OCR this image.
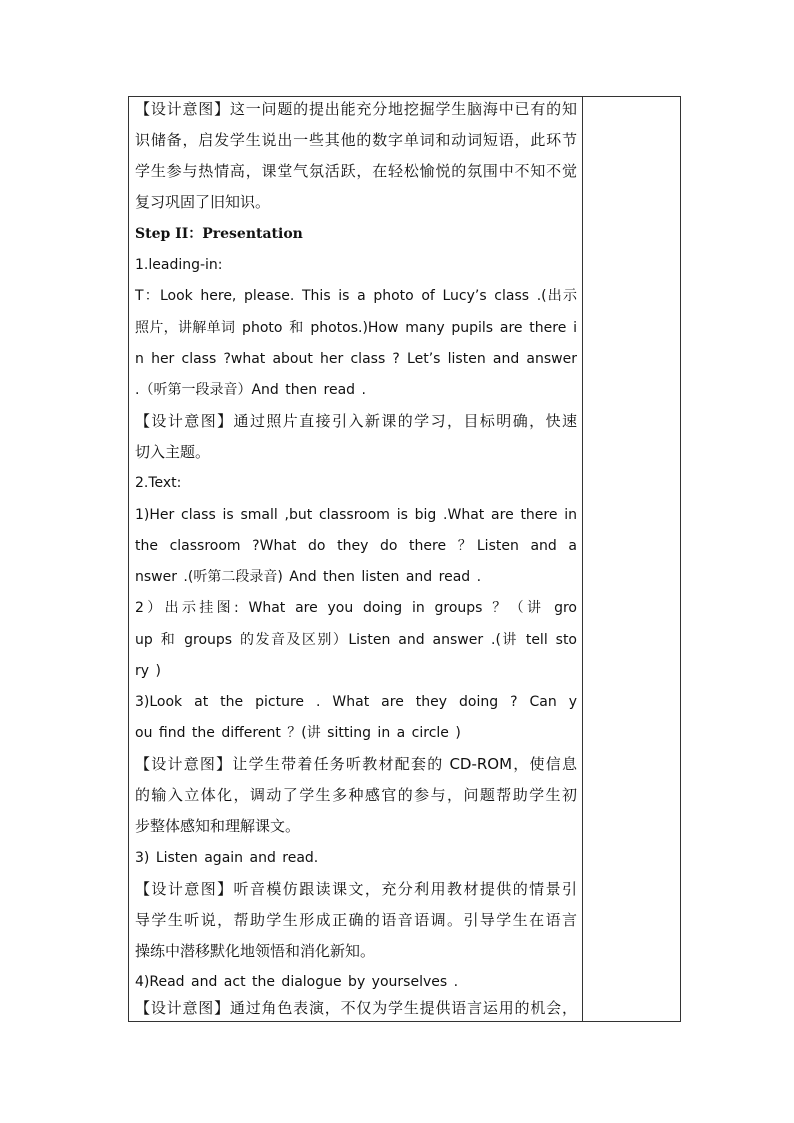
【设计意图】这一问题的提出能充分地挖掘学生脑海中已有的知
识储备，启发学生说出一些其他的数字单词和动词短语，此环节
学生参与热情高，课堂气氛活跃，在轻松愉悦的氛围中不知不觉
复习巩固了旧知识。
Step II：Presentation
1.leading-in:
T：Look here, please. This is a photo of Lucy’s class .(出示
照片，讲解单词 photo 和 photos.)How many pupils are there i
n her class ?what about her class ? Let’s listen and answer
.（听第一段录音）And then read .
【设计意图】通过照片直接引入新课的学习，目标明确，快速
切入主题。
2.Text:
1)Her class is small ,but classroom is big .What are there in
the classroom ?What do they do there ？Listen and a
nswer .(听第二段录音) And then listen and read .
2）出示挂图: What are you doing in groups ？（讲 gro
up 和 groups 的发音及区别）Listen and answer .(讲 tell sto
ry )
3)Look at the picture . What are they doing ? Can y
ou find the different ？(讲 sitting in a circle )
【设计意图】让学生带着任务听教材配套的 CD-ROM，使信息
的输入立体化，调动了学生多种感官的参与，问题帮助学生初
步整体感知和理解课文。
3) Listen again and read.
【设计意图】听音模仿跟读课文，充分利用教材提供的情景引
导学生听说，帮助学生形成正确的语音语调。引导学生在语言
操练中潜移默化地领悟和消化新知。
4)Read and act the dialogue by yourselves .
【设计意图】通过角色表演，不仅为学生提供语言运用的机会，
